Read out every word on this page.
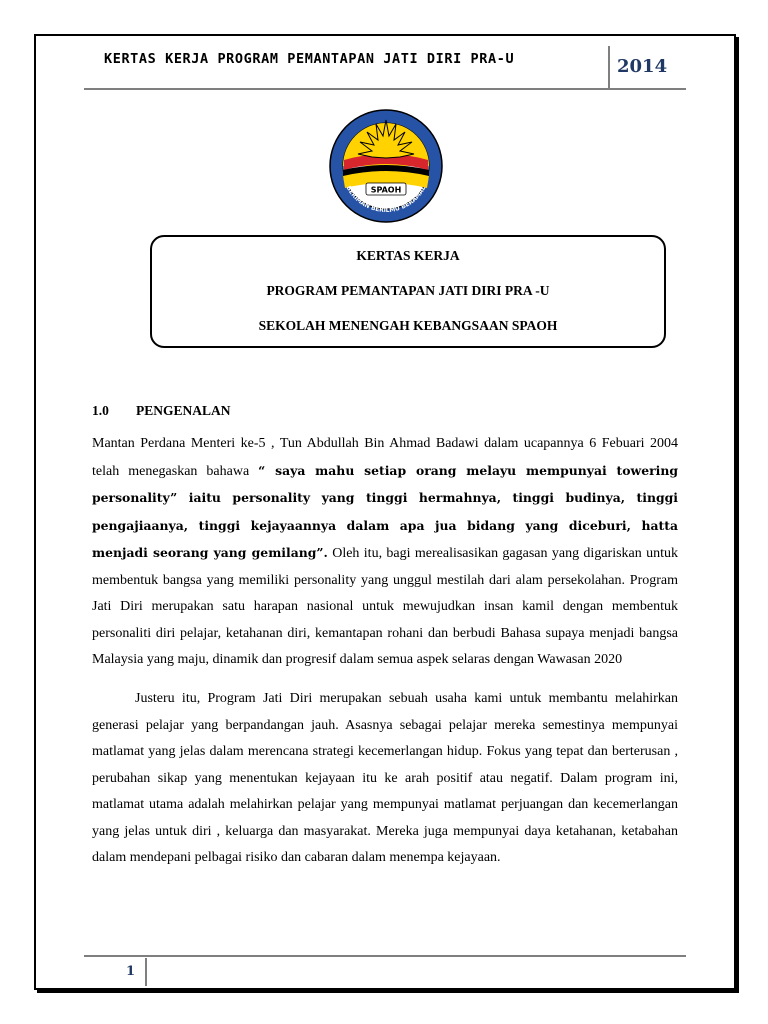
KERTAS KERJA PROGRAM PEMANTAPAN JATI DIRI PRA-U	2014
SPAOH
BERIMAN BERILMU BERAMAL
KERTAS KERJA
PROGRAM PEMANTAPAN JATI DIRI PRA -U
SEKOLAH MENENGAH KEBANGSAAN SPAOH
1.0 PENGENALAN

Mantan Perdana Menteri ke-5 , Tun Abdullah Bin Ahmad Badawi dalam ucapannya 6 Febuari 2004 telah menegaskan bahawa “ saya mahu setiap orang melayu mempunyai towering personality” iaitu personality yang tinggi hermahnya, tinggi budinya, tinggi pengajiaanya, tinggi kejayaannya dalam apa jua bidang yang diceburi, hatta menjadi seorang yang gemilang”. Oleh itu, bagi merealisasikan gagasan yang digariskan untuk membentuk bangsa yang memiliki personality yang unggul mestilah dari alam persekolahan. Program Jati Diri merupakan satu harapan nasional untuk mewujudkan insan kamil dengan membentuk personaliti diri pelajar, ketahanan diri, kemantapan rohani dan berbudi Bahasa supaya menjadi bangsa Malaysia yang maju, dinamik dan progresif dalam semua aspek selaras dengan Wawasan 2020

Justeru itu, Program Jati Diri merupakan sebuah usaha kami untuk membantu melahirkan generasi pelajar yang berpandangan jauh. Asasnya sebagai pelajar mereka semestinya mempunyai matlamat yang jelas dalam merencana strategi kecemerlangan hidup. Fokus yang tepat dan berterusan , perubahan sikap yang menentukan kejayaan itu ke arah positif atau negatif. Dalam program ini, matlamat utama adalah melahirkan pelajar yang mempunyai matlamat perjuangan dan kecemerlangan yang jelas untuk diri , keluarga dan masyarakat. Mereka juga mempunyai daya ketahanan, ketabahan dalam mendepani pelbagai risiko dan cabaran dalam menempa kejayaan.

1
